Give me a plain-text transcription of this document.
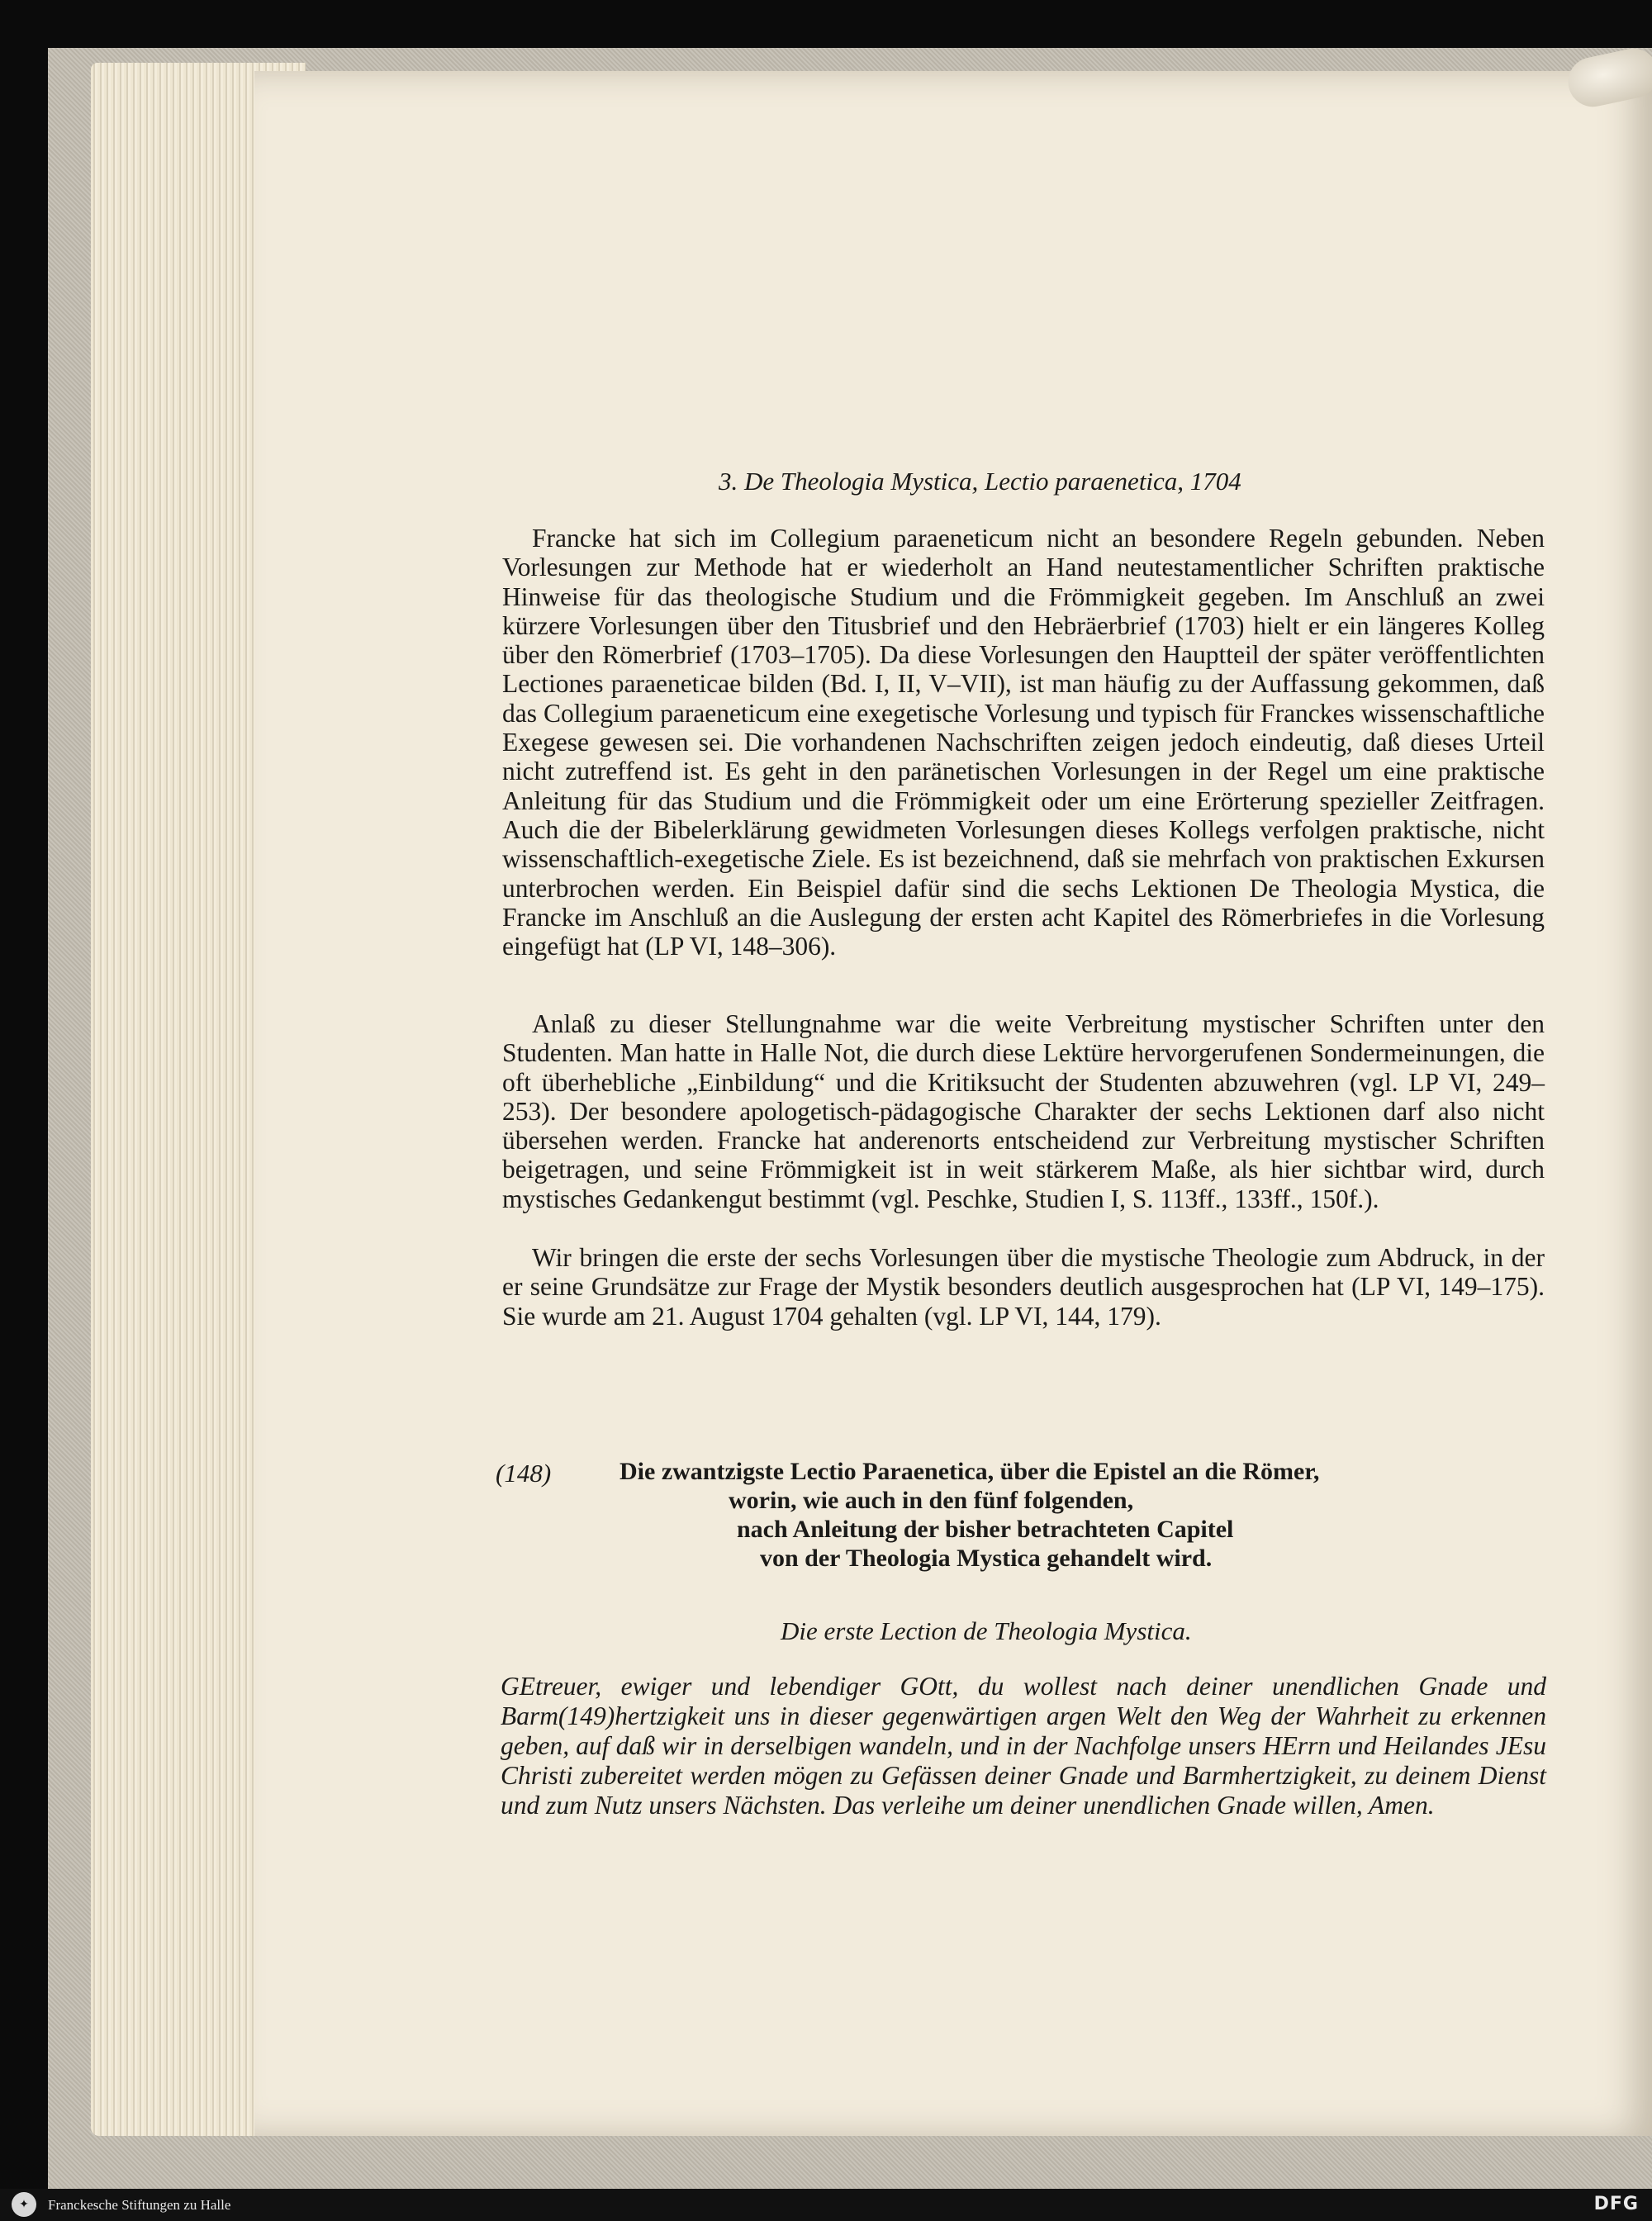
3. De Theologia Mystica, Lectio paraenetica, 1704

Francke hat sich im Collegium paraeneticum nicht an besondere Regeln gebunden. Neben Vorlesungen zur Methode hat er wiederholt an Hand neutestamentlicher Schriften praktische Hinweise für das theologische Studium und die Frömmigkeit gegeben. Im Anschluß an zwei kürzere Vorlesungen über den Titusbrief und den Hebräerbrief (1703) hielt er ein längeres Kolleg über den Römerbrief (1703–1705). Da diese Vorlesungen den Hauptteil der später veröffentlichten Lectiones paraeneticae bilden (Bd. I, II, V–VII), ist man häufig zu der Auffassung gekommen, daß das Collegium paraeneticum eine exegetische Vorlesung und typisch für Franckes wissenschaftliche Exegese gewesen sei. Die vorhandenen Nachschriften zeigen jedoch eindeutig, daß dieses Urteil nicht zutreffend ist. Es geht in den paränetischen Vorlesungen in der Regel um eine praktische Anleitung für das Studium und die Frömmigkeit oder um eine Erörterung spezieller Zeitfragen. Auch die der Bibelerklärung gewidmeten Vorlesungen dieses Kollegs verfolgen praktische, nicht wissenschaftlich-exegetische Ziele. Es ist bezeichnend, daß sie mehrfach von praktischen Exkursen unterbrochen werden. Ein Beispiel dafür sind die sechs Lektionen De Theologia Mystica, die Francke im Anschluß an die Auslegung der ersten acht Kapitel des Römerbriefes in die Vorlesung eingefügt hat (LP VI, 148–306).

Anlaß zu dieser Stellungnahme war die weite Verbreitung mystischer Schriften unter den Studenten. Man hatte in Halle Not, die durch diese Lektüre hervorgerufenen Sondermeinungen, die oft überhebliche „Einbildung“ und die Kritiksucht der Studenten abzuwehren (vgl. LP VI, 249–253). Der besondere apologetisch-pädagogische Charakter der sechs Lektionen darf also nicht übersehen werden. Francke hat anderenorts entscheidend zur Verbreitung mystischer Schriften beigetragen, und seine Frömmigkeit ist in weit stärkerem Maße, als hier sichtbar wird, durch mystisches Gedankengut bestimmt (vgl. Peschke, Studien I, S. 113ff., 133ff., 150f.).

Wir bringen die erste der sechs Vorlesungen über die mystische Theologie zum Abdruck, in der er seine Grundsätze zur Frage der Mystik besonders deutlich ausgesprochen hat (LP VI, 149–175). Sie wurde am 21. August 1704 gehalten (vgl. LP VI, 144, 179).

(148)	Die zwantzigste Lectio Paraenetica, über die Epistel an die Römer,
worin, wie auch in den fünf folgenden,
nach Anleitung der bisher betrachteten Capitel
von der Theologia Mystica gehandelt wird.
Die erste Lection de Theologia Mystica.

GEtreuer, ewiger und lebendiger GOtt, du wollest nach deiner unendlichen Gnade und Barm(149)hertzigkeit uns in dieser gegenwärtigen argen Welt den Weg der Wahrheit zu erkennen geben, auf daß wir in derselbigen wandeln, und in der Nachfolge unsers HErrn und Heilandes JEsu Christi zubereitet werden mögen zu Gefässen deiner Gnade und Barmhertzigkeit, zu deinem Dienst und zum Nutz unsers Nächsten. Das verleihe um deiner unendlichen Gnade willen, Amen.

✦	Franckesche Stiftungen zu Halle	DFG
